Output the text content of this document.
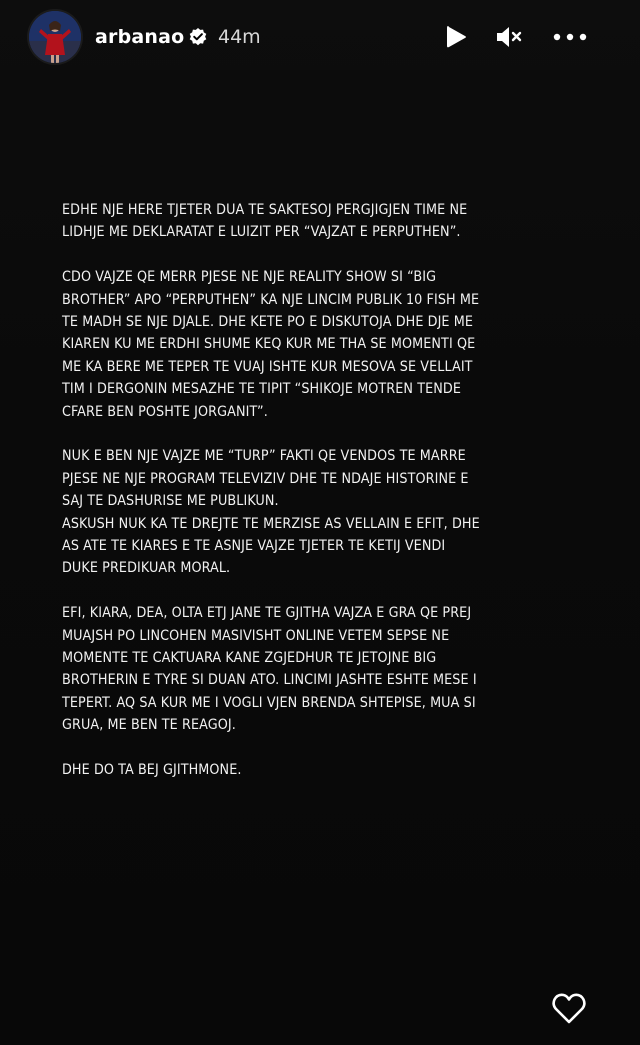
arbanao 44m

EDHE NJE HERE TJETER DUA TE SAKTESOJ PERGJIGJEN TIME NE
LIDHJE ME DEKLARATAT E LUIZIT PER “VAJZAT E PERPUTHEN”.

CDO VAJZE QE MERR PJESE NE NJE REALITY SHOW SI “BIG
BROTHER” APO “PERPUTHEN” KA NJE LINCIM PUBLIK 10 FISH ME
TE MADH SE NJE DJALE. DHE KETE PO E DISKUTOJA DHE DJE ME
KIAREN KU ME ERDHI SHUME KEQ KUR ME THA SE MOMENTI QE
ME KA BERE ME TEPER TE VUAJ ISHTE KUR MESOVA SE VELLAIT
TIM I DERGONIN MESAZHE TE TIPIT “SHIKOJE MOTREN TENDE
CFARE BEN POSHTE JORGANIT”.

NUK E BEN NJE VAJZE ME “TURP” FAKTI QE VENDOS TE MARRE
PJESE NE NJE PROGRAM TELEVIZIV DHE TE NDAJE HISTORINE E
SAJ TE DASHURISE ME PUBLIKUN.
ASKUSH NUK KA TE DREJTE TE MERZISE AS VELLAIN E EFIT, DHE
AS ATE TE KIARES E TE ASNJE VAJZE TJETER TE KETIJ VENDI
DUKE PREDIKUAR MORAL.

EFI, KIARA, DEA, OLTA ETJ JANE TE GJITHA VAJZA E GRA QE PREJ
MUAJSH PO LINCOHEN MASIVISHT ONLINE VETEM SEPSE NE
MOMENTE TE CAKTUARA KANE ZGJEDHUR TE JETOJNE BIG
BROTHERIN E TYRE SI DUAN ATO. LINCIMI JASHTE ESHTE MESE I
TEPERT. AQ SA KUR ME I VOGLI VJEN BRENDA SHTEPISE, MUA SI
GRUA, ME BEN TE REAGOJ.

DHE DO TA BEJ GJITHMONE.
